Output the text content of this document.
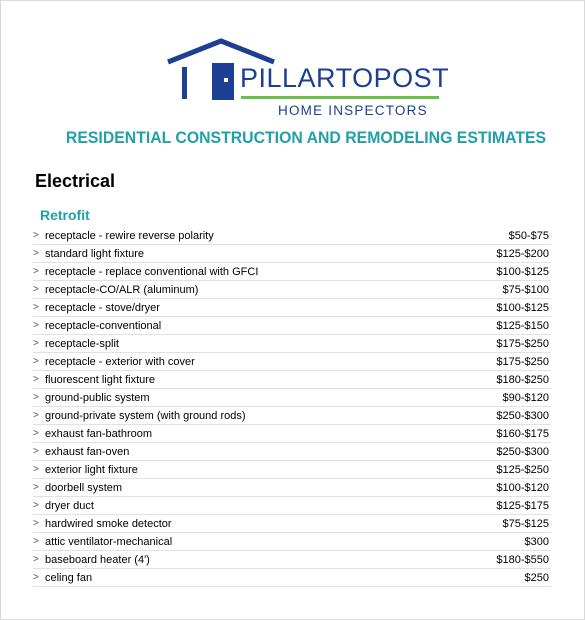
PILLARTOPOST
HOME INSPECTORS
RESIDENTIAL CONSTRUCTION AND REMODELING ESTIMATES
Electrical
Retrofit
> receptacle - rewire reverse polarity	$50-$75
> standard light fixture	$125-$200
> receptacle - replace conventional with GFCI	$100-$125
> receptacle-CO/ALR (aluminum)	$75-$100
> receptacle - stove/dryer	$100-$125
> receptacle-conventional	$125-$150
> receptacle-split	$175-$250
> receptacle - exterior with cover	$175-$250
> fluorescent light fixture	$180-$250
> ground-public system	$90-$120
> ground-private system (with ground rods)	$250-$300
> exhaust fan-bathroom	$160-$175
> exhaust fan-oven	$250-$300
> exterior light fixture	$125-$250
> doorbell system	$100-$120
> dryer duct	$125-$175
> hardwired smoke detector	$75-$125
> attic ventilator-mechanical	$300
> baseboard heater (4')	$180-$550
> celing fan	$250
